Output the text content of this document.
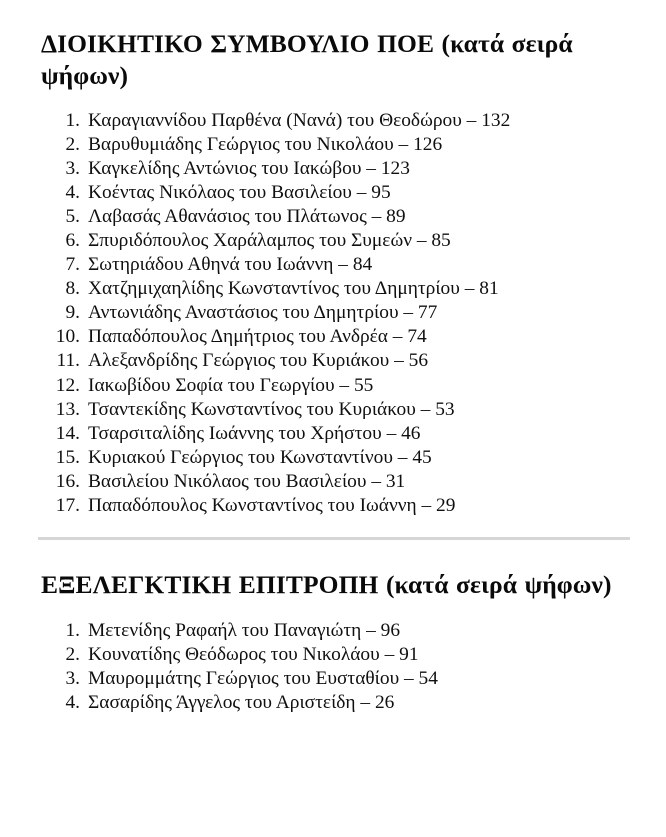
ΔΙΟΙΚΗΤΙΚΟ ΣΥΜΒΟΥΛΙΟ ΠΟΕ (κατά σειρά ψήφων)
1. Καραγιαννίδου Παρθένα (Νανά) του Θεοδώρου – 132
2. Βαρυθυμιάδης Γεώργιος του Νικολάου – 126
3. Καγκελίδης Αντώνιος του Ιακώβου – 123
4. Κοέντας Νικόλαος του Βασιλείου – 95
5. Λαβασάς Αθανάσιος του Πλάτωνος – 89
6. Σπυριδόπουλος Χαράλαμπος του Συμεών – 85
7. Σωτηριάδου Αθηνά του Ιωάννη – 84
8. Χατζημιχαηλίδης Κωνσταντίνος του Δημητρίου – 81
9. Αντωνιάδης Αναστάσιος του Δημητρίου – 77
10. Παπαδόπουλος Δημήτριος του Ανδρέα – 74
11. Αλεξανδρίδης Γεώργιος του Κυριάκου – 56
12. Ιακωβίδου Σοφία του Γεωργίου – 55
13. Τσαντεκίδης Κωνσταντίνος του Κυριάκου – 53
14. Τσαρσιταλίδης Ιωάννης του Χρήστου – 46
15. Κυριακού Γεώργιος του Κωνσταντίνου – 45
16. Βασιλείου Νικόλαος του Βασιλείου – 31
17. Παπαδόπουλος Κωνσταντίνος του Ιωάννη – 29
ΕΞΕΛΕΓΚΤΙΚΗ ΕΠΙΤΡΟΠΗ (κατά σειρά ψήφων)
1. Μετενίδης Ραφαήλ του Παναγιώτη – 96
2. Κουνατίδης Θεόδωρος του Νικολάου – 91
3. Μαυρομμάτης Γεώργιος του Ευσταθίου – 54
4. Σασαρίδης Άγγελος του Αριστείδη – 26
